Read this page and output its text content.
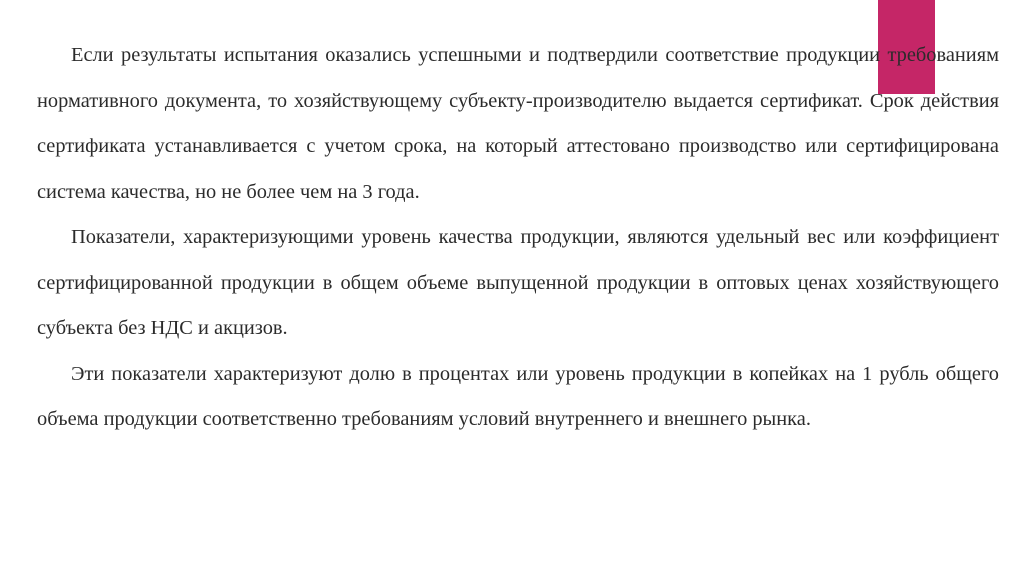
Если результаты испытания оказались успешными и подтвердили соответствие продукции требованиям нормативного документа, то хозяйствующему субъекту-производителю выдается сертификат. Срок действия сертификата устанавливается с учетом срока, на который аттестовано производство или сертифицирована система качества, но не более чем на 3 года.

Показатели, характеризующими уровень качества продукции, являются удельный вес или коэффициент сертифицированной продукции в общем объеме выпущенной продукции в оптовых ценах хозяйствующего субъекта без НДС и акцизов.

Эти показатели характеризуют долю в процентах или уровень продукции в копейках на 1 рубль общего объема продукции соответственно требованиям условий внутреннего и внешнего рынка.
